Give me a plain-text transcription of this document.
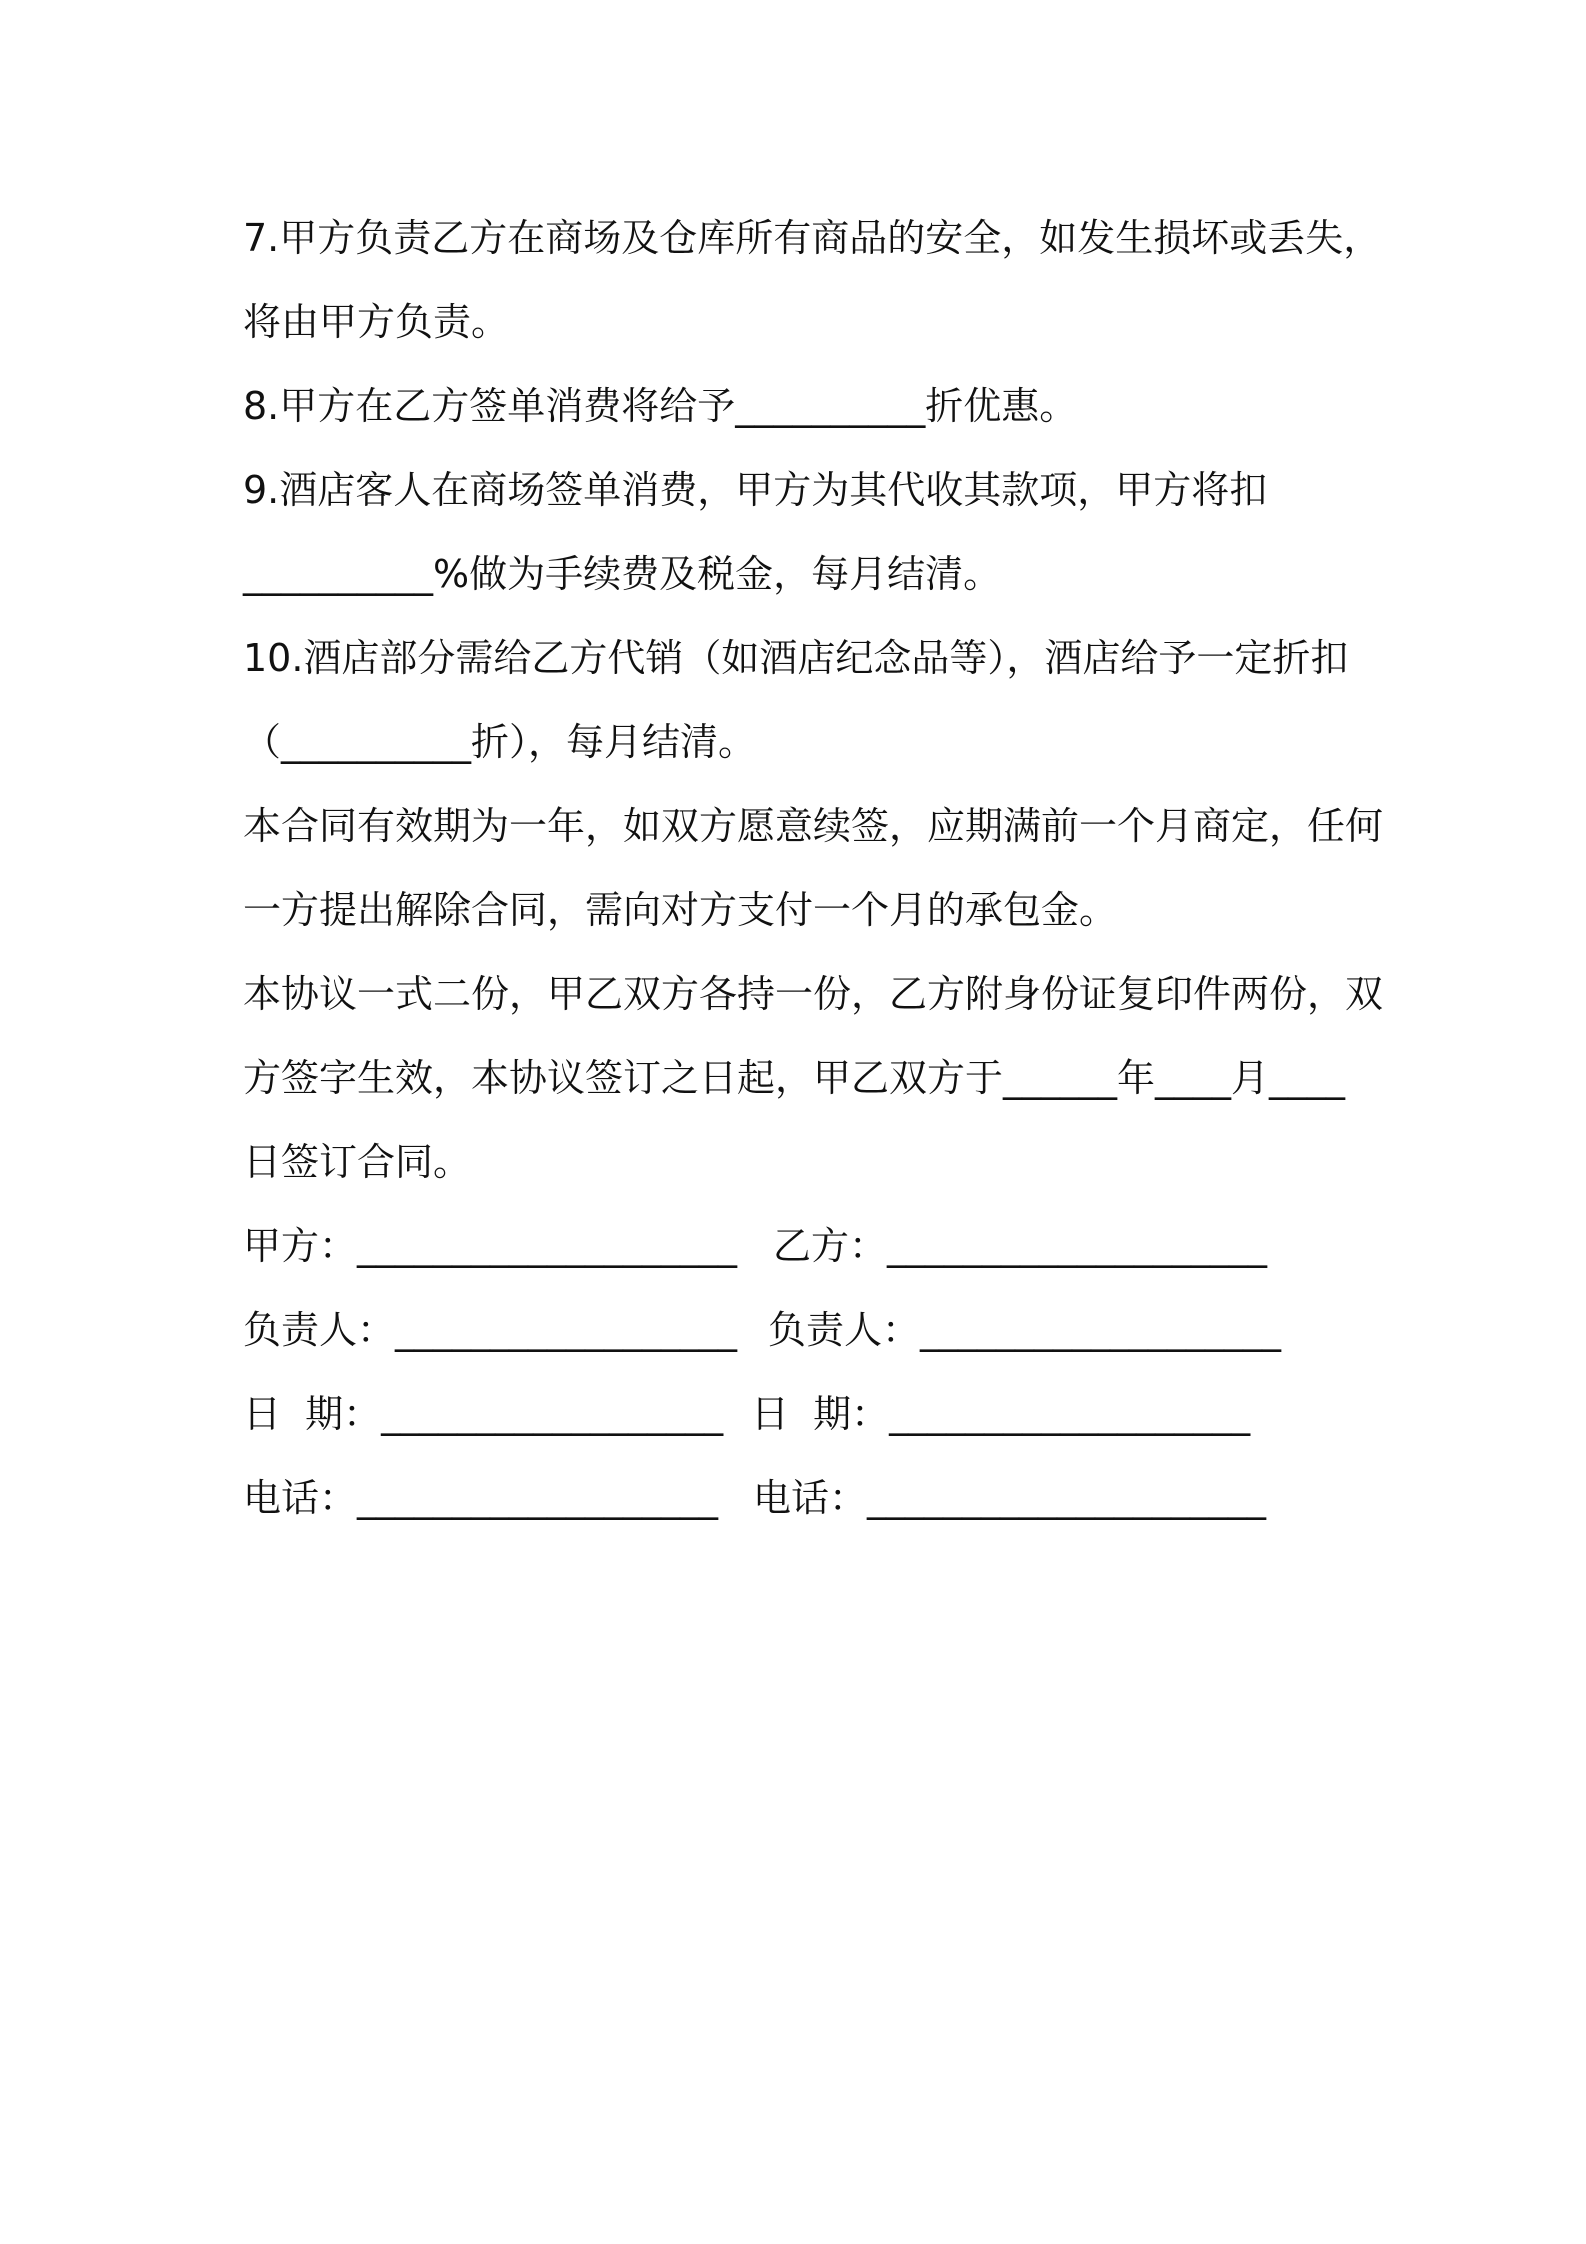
7.甲方负责乙方在商场及仓库所有商品的安全，如发生损坏或丢失，
将由甲方负责。
8.甲方在乙方签单消费将给予__________折优惠。
9.酒店客人在商场签单消费，甲方为其代收其款项，甲方将扣
__________%做为手续费及税金，每月结清。
10.酒店部分需给乙方代销（如酒店纪念品等），酒店给予一定折扣
（__________折），每月结清。
本合同有效期为一年，如双方愿意续签，应期满前一个月商定，任何
一方提出解除合同，需向对方支付一个月的承包金。
本协议一式二份，甲乙双方各持一份，乙方附身份证复印件两份，双
方签字生效，本协议签订之日起，甲乙双方于______年____月____
日签订合同。

甲方：____________________

乙方：____________________

负责人：__________________

负责人：___________________

日  期：__________________

日  期：___________________

电话：___________________

电话：_____________________
